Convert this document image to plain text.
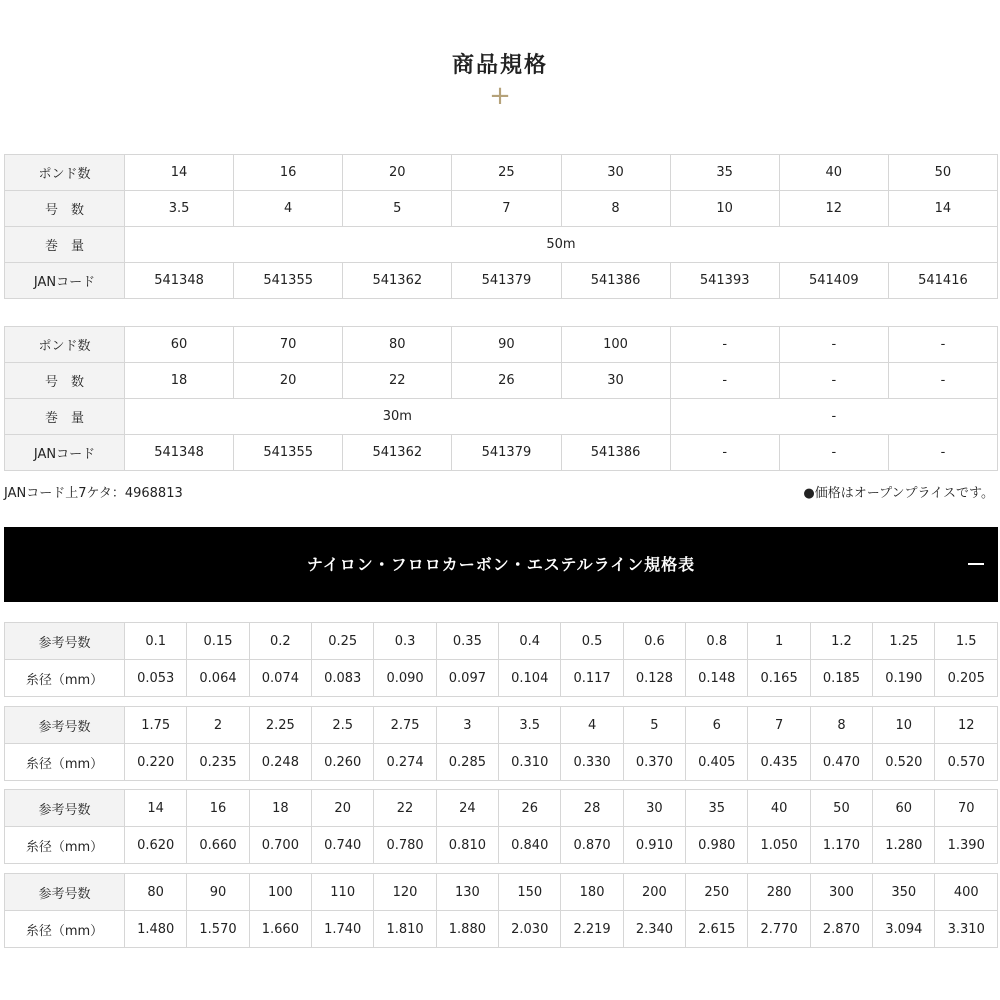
商品規格
+
ポンド数	14	16	20	25	30	35	40	50
号　数	3.5	4	5	7	8	10	12	14
巻　量	50m							
JANコード	541348	541355	541362	541379	541386	541393	541409	541416
ポンド数	60	70	80	90	100	-	-	-
号　数	18	20	22	26	30	-	-	-
巻　量	30m					-		
JANコード	541348	541355	541362	541379	541386	-	-	-
JANコード上7ケタ：4968813	●価格はオープンプライスです。
ナイロン・フロロカーボン・エステルライン規格表
参考号数	0.1	0.15	0.2	0.25	0.3	0.35	0.4	0.5	0.6	0.8	1	1.2	1.25	1.5
糸径（mm）	0.053	0.064	0.074	0.083	0.090	0.097	0.104	0.117	0.128	0.148	0.165	0.185	0.190	0.205
参考号数	1.75	2	2.25	2.5	2.75	3	3.5	4	5	6	7	8	10	12
糸径（mm）	0.220	0.235	0.248	0.260	0.274	0.285	0.310	0.330	0.370	0.405	0.435	0.470	0.520	0.570
参考号数	14	16	18	20	22	24	26	28	30	35	40	50	60	70
糸径（mm）	0.620	0.660	0.700	0.740	0.780	0.810	0.840	0.870	0.910	0.980	1.050	1.170	1.280	1.390
参考号数	80	90	100	110	120	130	150	180	200	250	280	300	350	400
糸径（mm）	1.480	1.570	1.660	1.740	1.810	1.880	2.030	2.219	2.340	2.615	2.770	2.870	3.094	3.310
